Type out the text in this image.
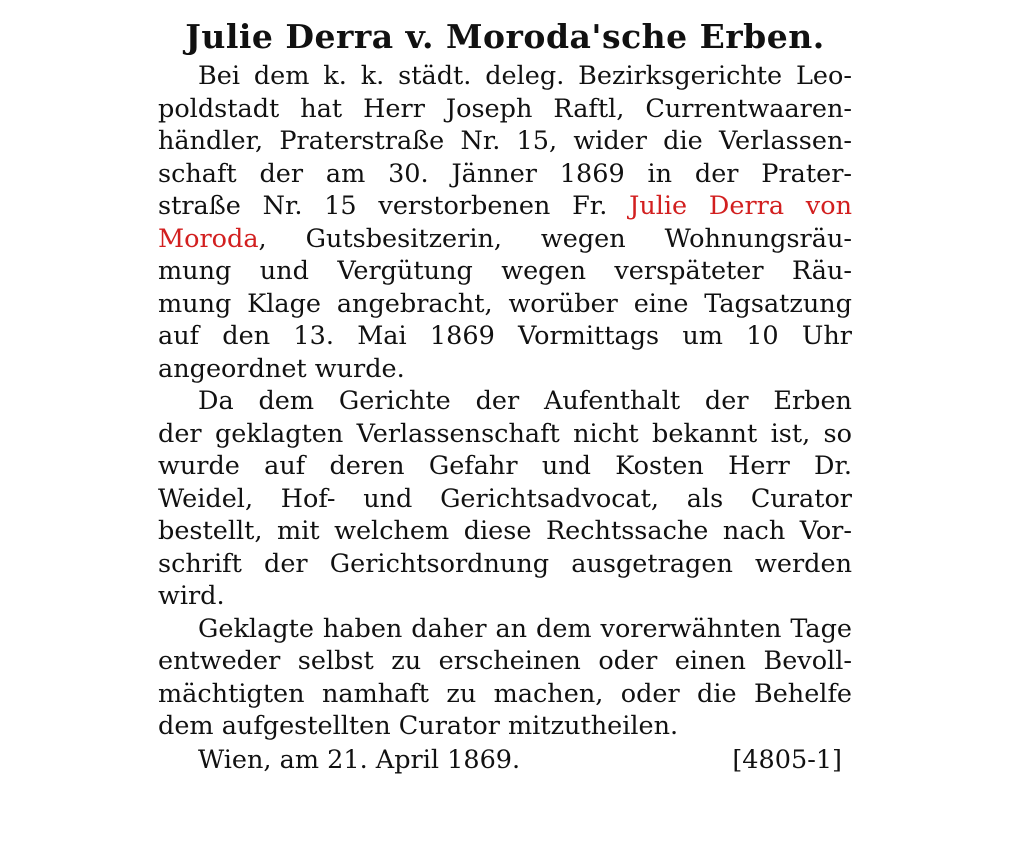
Julie Derra v. Moroda'sche Erben.

Bei dem k. k. städt. deleg. Bezirksgerichte Leo-
poldstadt hat Herr Joseph Raftl, Currentwaaren-
händler, Praterstraße Nr. 15, wider die Verlassen-
schaft der am 30. Jänner 1869 in der Prater-
straße Nr. 15 verstorbenen Fr. Julie Derra von
Moroda, Gutsbesitzerin, wegen Wohnungsräu-
mung und Vergütung wegen verspäteter Räu-
mung Klage angebracht, worüber eine Tagsatzung
auf den 13. Mai 1869 Vormittags um 10 Uhr
angeordnet wurde.

Da dem Gerichte der Aufenthalt der Erben
der geklagten Verlassenschaft nicht bekannt ist, so
wurde auf deren Gefahr und Kosten Herr Dr.
Weidel, Hof- und Gerichtsadvocat, als Curator
bestellt, mit welchem diese Rechtssache nach Vor-
schrift der Gerichtsordnung ausgetragen werden
wird.

Geklagte haben daher an dem vorerwähnten Tage
entweder selbst zu erscheinen oder einen Bevoll-
mächtigten namhaft zu machen, oder die Behelfe
dem aufgestellten Curator mitzutheilen.

Wien, am 21. April 1869.	[4805-1]
